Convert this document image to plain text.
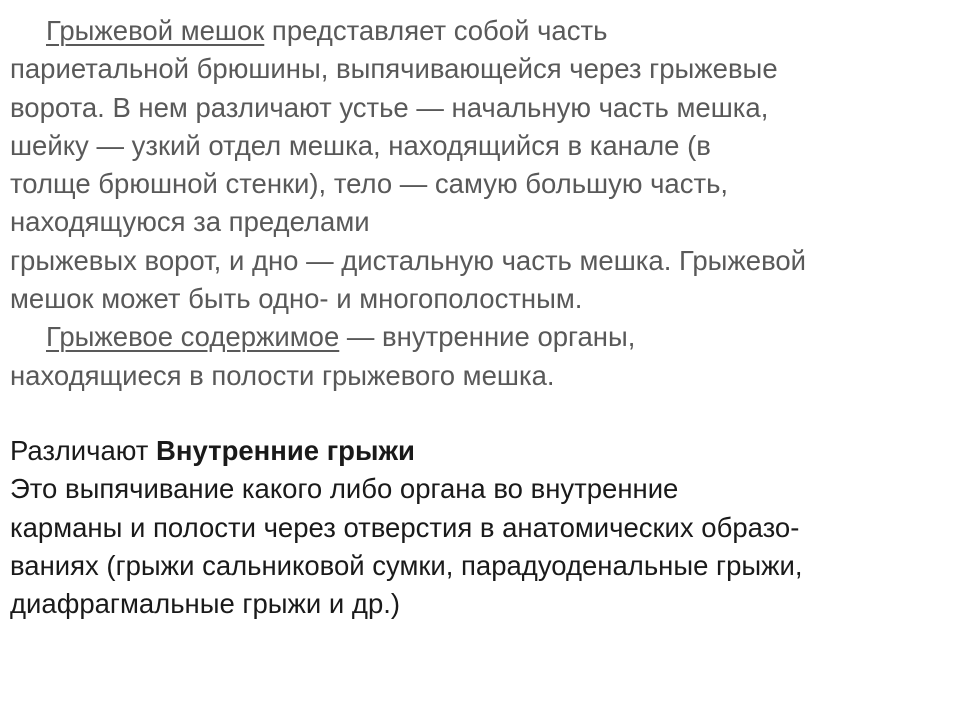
Грыжевой мешок представляет собой часть
париетальной брюшины, выпячивающейся через грыжевые
ворота. В нем различают устье — начальную часть мешка,
шейку — узкий отдел мешка, находящийся в канале (в
толще брюшной стенки), тело — самую большую часть,
находящуюся за пределами
грыжевых ворот, и дно — дистальную часть мешка. Грыжевой
мешок может быть одно- и многополостным.
Грыжевое содержимое — внутренние органы,
находящиеся в полости грыжевого мешка.
Различают Внутренние грыжи
Это выпячивание какого либо органа во внутренние
карманы и полости через отверстия в анатомических образо-
ваниях (грыжи сальниковой сумки, парадуоденальные грыжи,
диафрагмальные грыжи и др.)
